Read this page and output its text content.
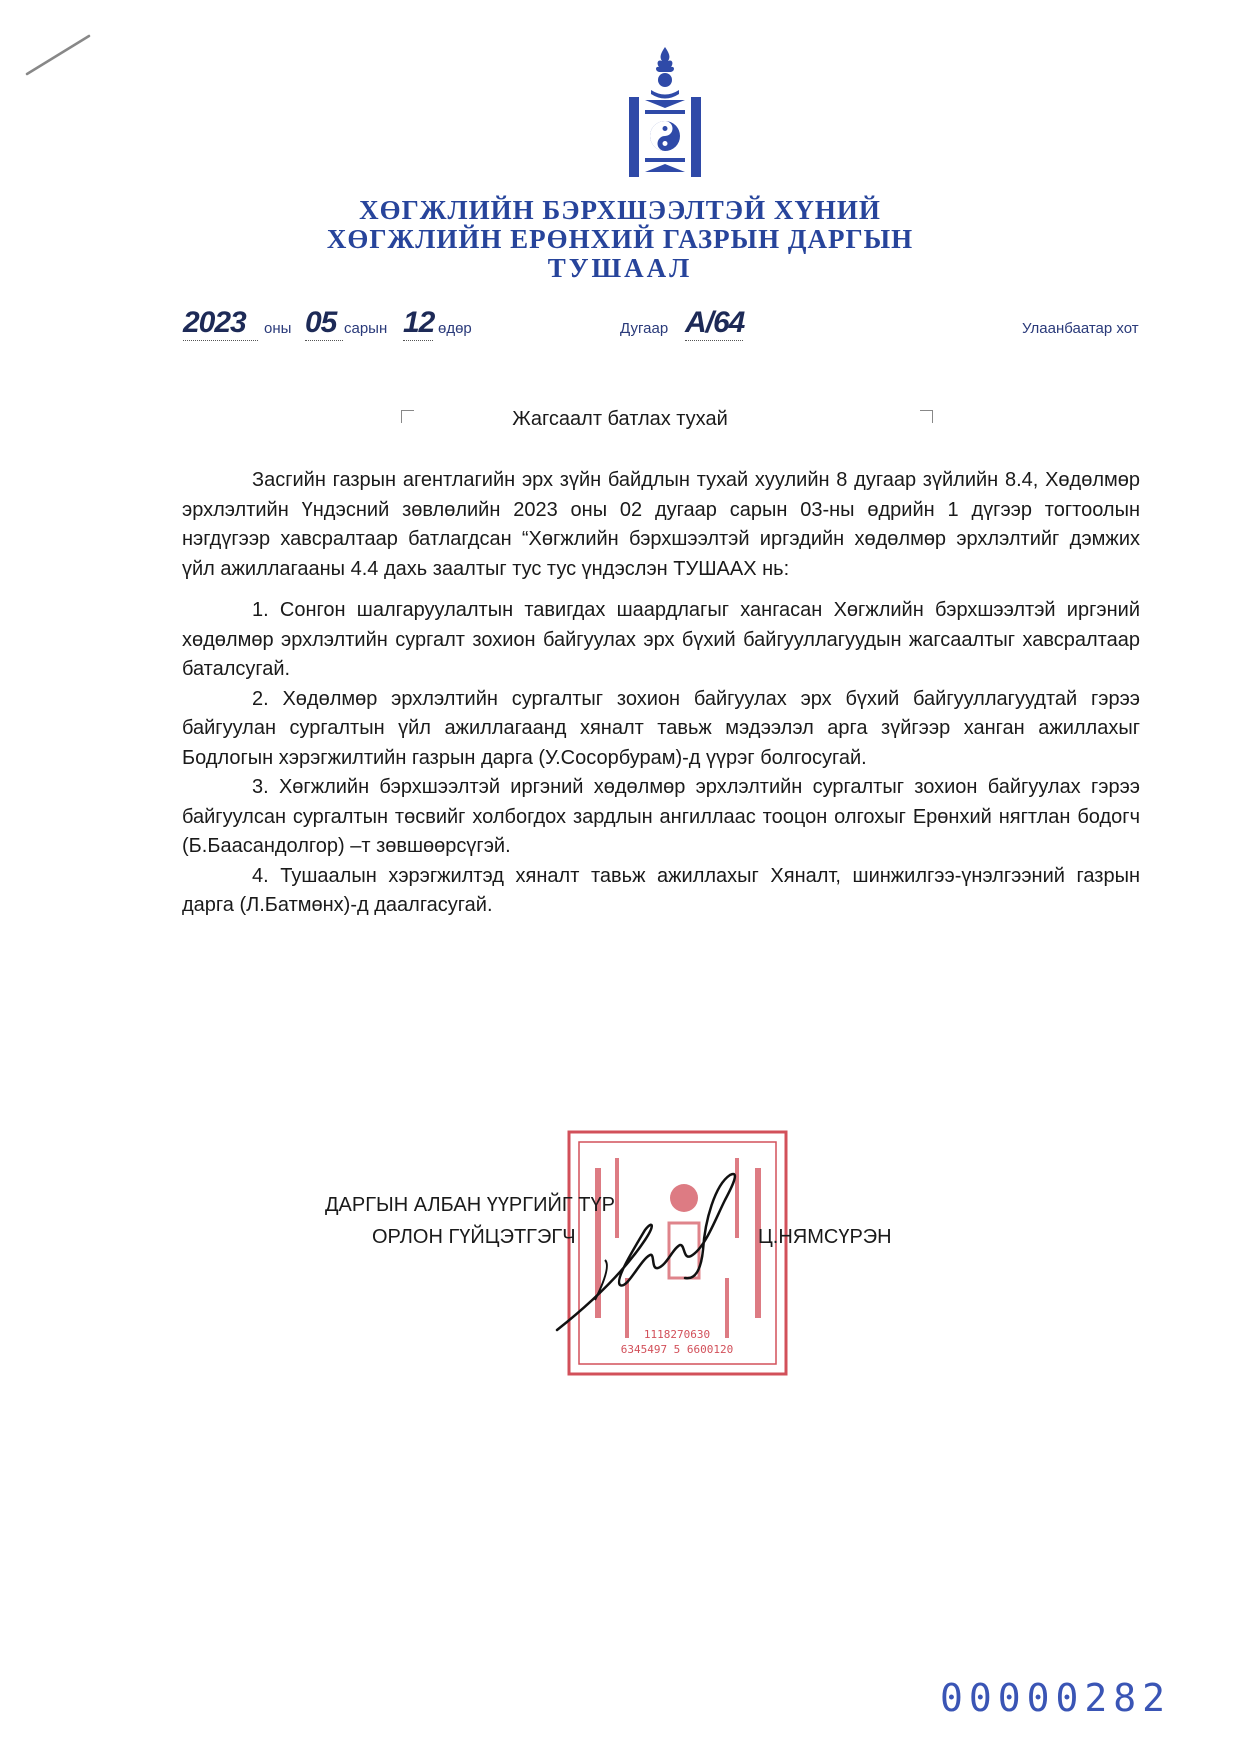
ХӨГЖЛИЙН БЭРХШЭЭЛТЭЙ ХҮНИЙ
ХӨГЖЛИЙН ЕРӨНХИЙ ГАЗРЫН ДАРГЫН
ТУШААЛ
2023	оны 05 сарын 12 өдөр	Дугаар А/64	Улаанбаатар хот
Жагсаалт батлах тухай

Засгийн газрын агентлагийн эрх зүйн байдлын тухай хуулийн 8 дугаар зүйлийн 8.4, Хөдөлмөр эрхлэлтийн Үндэсний зөвлөлийн 2023 оны 02 дугаар сарын 03-ны өдрийн 1 дүгээр тогтоолын нэгдүгээр хавсралтаар батлагдсан “Хөгжлийн бэрхшээлтэй иргэдийн хөдөлмөр эрхлэлтийг дэмжих үйл ажиллагааны 4.4 дахь заалтыг тус тус үндэслэн ТУШААХ нь:

1. Сонгон шалгаруулалтын тавигдах шаардлагыг хангасан Хөгжлийн бэрхшээлтэй иргэний хөдөлмөр эрхлэлтийн сургалт зохион байгуулах эрх бүхий байгууллагуудын жагсаалтыг хавсралтаар баталсугай.

2. Хөдөлмөр эрхлэлтийн сургалтыг зохион байгуулах эрх бүхий байгууллагуудтай гэрээ байгуулан сургалтын үйл ажиллагаанд хяналт тавьж мэдээлэл арга зүйгээр ханган ажиллахыг Бодлогын хэрэгжилтийн газрын дарга (У.Сосорбурам)-д үүрэг болгосугай.

3. Хөгжлийн бэрхшээлтэй иргэний хөдөлмөр эрхлэлтийн сургалтыг зохион байгуулах гэрээ байгуулсан сургалтын төсвийг холбогдох зардлын ангиллаас тооцон олгохыг Ерөнхий нягтлан бодогч (Б.Баасандолгор) –т зөвшөөрсүгэй.

4. Тушаалын хэрэгжилтэд хяналт тавьж ажиллахыг Хяналт, шинжилгээ-үнэлгээний газрын дарга (Л.Батмөнх)-д даалгасугай.

1118270630
6345497 5 6600120
ДАРГЫН АЛБАН ҮҮРГИЙГ ТҮР
ОРЛОН ГҮЙЦЭТГЭГЧ	Ц.НЯМСҮРЭН
00000282
